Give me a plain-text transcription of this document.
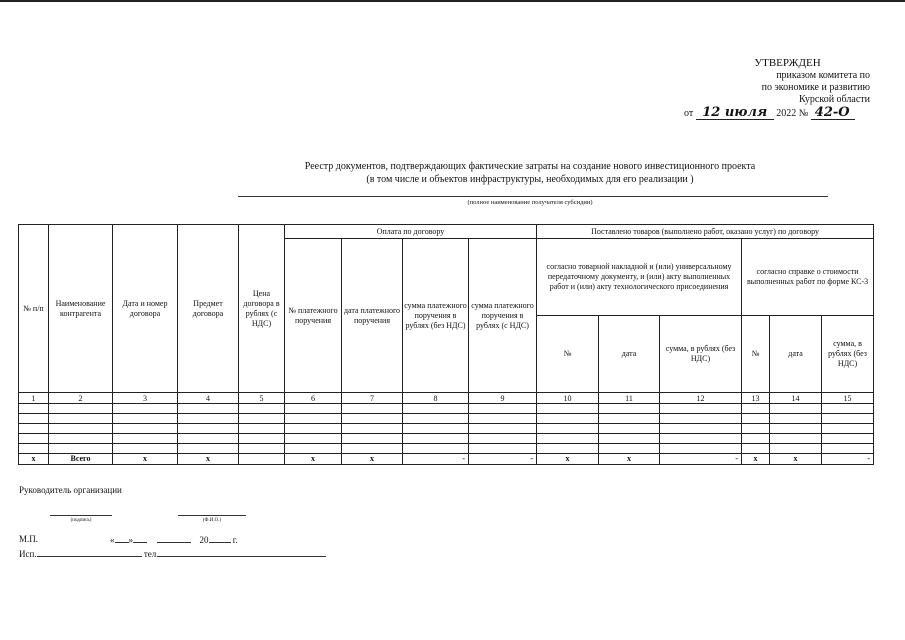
УТВЕРЖДЕН
приказом комитета по
по экономике и развитию
Курской области
от 12 июля 2022 № 42-О
Реестр документов, подтверждающих фактические затраты на создание нового инвестиционного проекта
(в том числе и объектов инфраструктуры, необходимых для его реализации )
(полное наименование получателя субсидии)
№ п/п	Наименование контрагента	Дата и номер договора	Предмет договора	Цена договора в рублях (с НДС)	Оплата по договору				Поставлено товаров (выполнено работ, оказано услуг) по договору					
					№ платежного поручения	дата платежного поручения	сумма платежного поручения в рублях (без НДС)	сумма платежного поручения в рублях (с НДС)	согласно товарной накладной и (или) универсальному передаточному документу, и (или) акту выполненных работ и (или) акту технологического присоединения			согласно справке о стоимости выполненных работ по форме КС-3		
									№	дата	сумма, в рублях (без НДС)	№	дата	сумма, в рублях (без НДС)
1	2	3	4	5	6	7	8	9	10	11	12	13	14	15

x	Всего	x	x		x	x	-	-	x	x	-	x	x	-
Руководитель организации
(подпись)	(Ф.И.О.)
М.П.	« »	20	г.
Исп.	тел.
